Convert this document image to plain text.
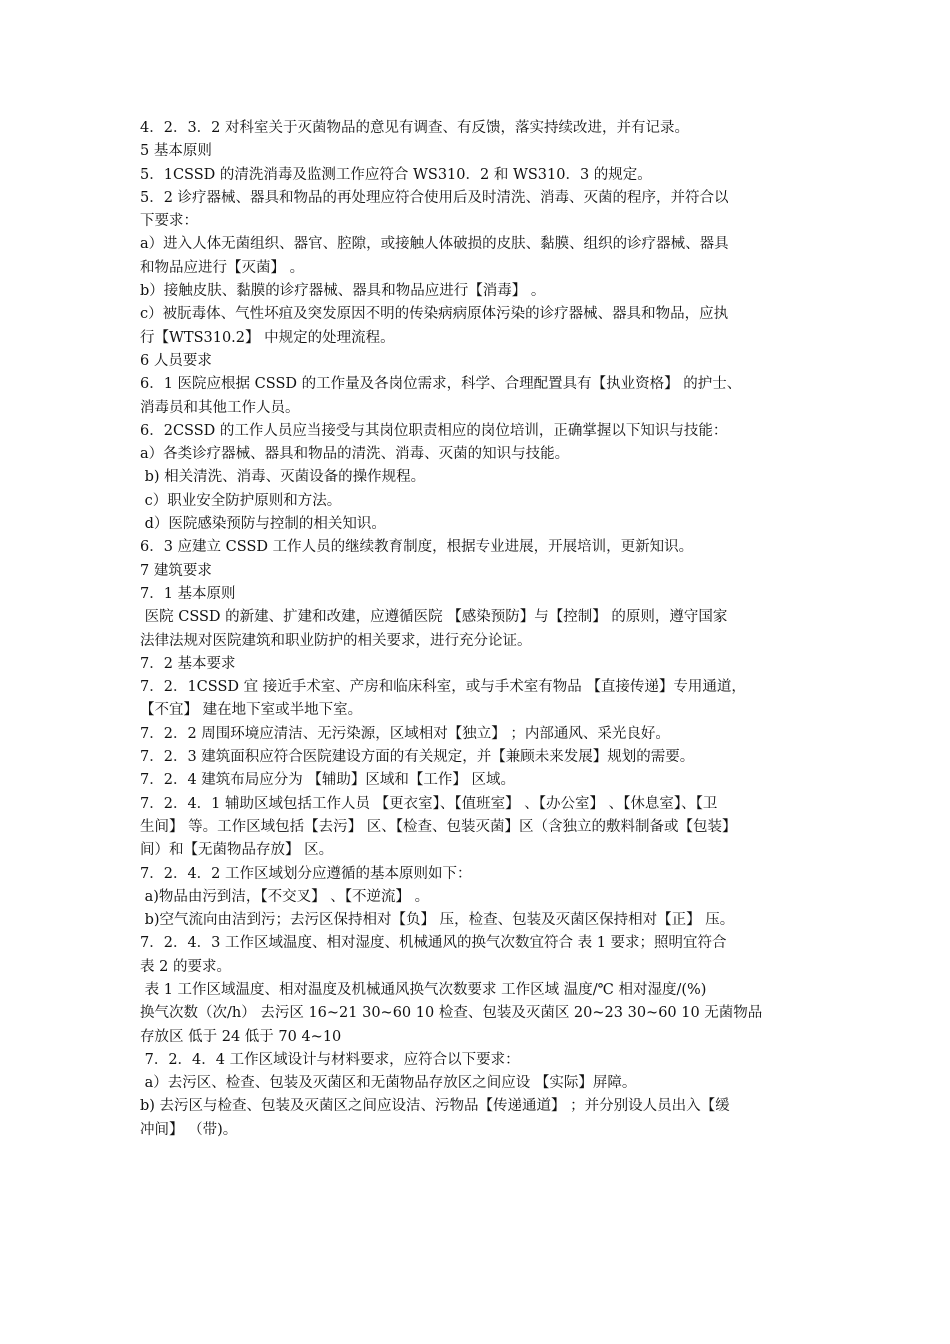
4．2．3．2 对科室关于灭菌物品的意见有调查、有反馈，落实持续改进，并有记录。
5 基本原则
5．1CSSD 的清洗消毒及监测工作应符合 WS310．2 和 WS310．3 的规定。
5．2 诊疗器械、器具和物品的再处理应符合使用后及时清洗、消毒、灭菌的程序，并符合以
下要求：
a）进入人体无菌组织、器官、腔隙，或接触人体破损的皮肤、黏膜、组织的诊疗器械、器具
和物品应进行【灭菌】 。
b）接触皮肤、黏膜的诊疗器械、器具和物品应进行【消毒】 。
c）被朊毒体、气性坏疽及突发原因不明的传染病病原体污染的诊疗器械、器具和物品，应执
行【WTS310.2】 中规定的处理流程。
6 人员要求
6．1 医院应根据 CSSD 的工作量及各岗位需求，科学、合理配置具有【执业资格】 的护士、
消毒员和其他工作人员。
6．2CSSD 的工作人员应当接受与其岗位职责相应的岗位培训，正确掌握以下知识与技能：
a）各类诊疗器械、器具和物品的清洗、消毒、灭菌的知识与技能。
b) 相关清洗、消毒、灭菌设备的操作规程。
c）职业安全防护原则和方法。
d）医院感染预防与控制的相关知识。
6．3 应建立 CSSD 工作人员的继续教育制度，根据专业进展，开展培训，更新知识。
7 建筑要求
7．1 基本原则
医院 CSSD 的新建、扩建和改建，应遵循医院 【感染预防】与【控制】 的原则，遵守国家
法律法规对医院建筑和职业防护的相关要求，进行充分论证。
7．2 基本要求
7．2．1CSSD 宜 接近手术室、产房和临床科室，或与手术室有物品 【直接传递】专用通道，
【不宜】 建在地下室或半地下室。
7．2．2 周围环境应清洁、无污染源，区域相对【独立】 ；内部通风、采光良好。
7．2．3 建筑面积应符合医院建设方面的有关规定，并【兼顾未来发展】规划的需要。
7．2．4 建筑布局应分为 【辅助】区域和【工作】 区域。
7．2．4．1 辅助区域包括工作人员 【更衣室】、【值班室】 、【办公室】 、【休息室】、【卫
生间】 等。工作区域包括【去污】 区、【检查、包装灭菌】区（含独立的敷料制备或【包装】
间）和【无菌物品存放】 区。
7．2．4．2 工作区域划分应遵循的基本原则如下：
a)物品由污到洁，【不交叉】 、【不逆流】 。
b)空气流向由洁到污；去污区保持相对【负】 压，检查、包装及灭菌区保持相对【正】 压。
7．2．4．3 工作区域温度、相对湿度、机械通风的换气次数宜符合 表 1 要求；照明宜符合
表 2 的要求。
表 1 工作区域温度、相对温度及机械通风换气次数要求 工作区域 温度/℃ 相对湿度/(%)
换气次数（次/h） 去污区 16~21 30~60 10 检查、包装及灭菌区 20~23 30~60 10 无菌物品
存放区 低于 24 低于 70 4~10
7．2．4．4 工作区域设计与材料要求，应符合以下要求：
a）去污区、检查、包装及灭菌区和无菌物品存放区之间应设 【实际】屏障。
b) 去污区与检查、包装及灭菌区之间应设洁、污物品【传递通道】 ；并分别设人员出入【缓
冲间】 （带)。
